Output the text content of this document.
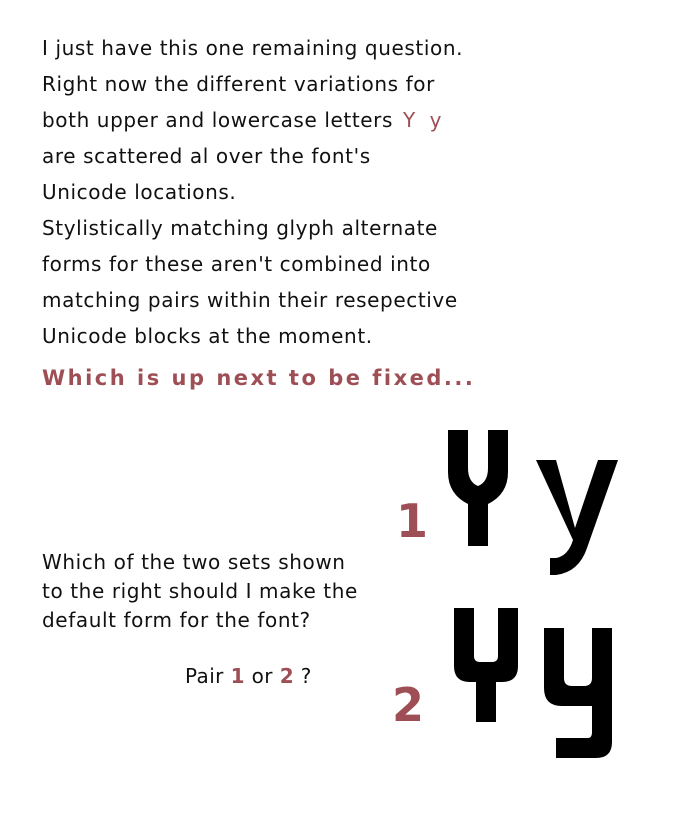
I just have this one remaining question.
Right now the different variations for
both upper and lowercase letters Y y
are scattered al over the font's
Unicode locations.
Stylistically matching glyph alternate
forms for these aren't combined into
matching pairs within their resepective
Unicode blocks at the moment.
Which is up next to be fixed...
Which of the two sets shown
to the right should I make the
default form for the font?
Pair 1 or 2 ?
1
2
